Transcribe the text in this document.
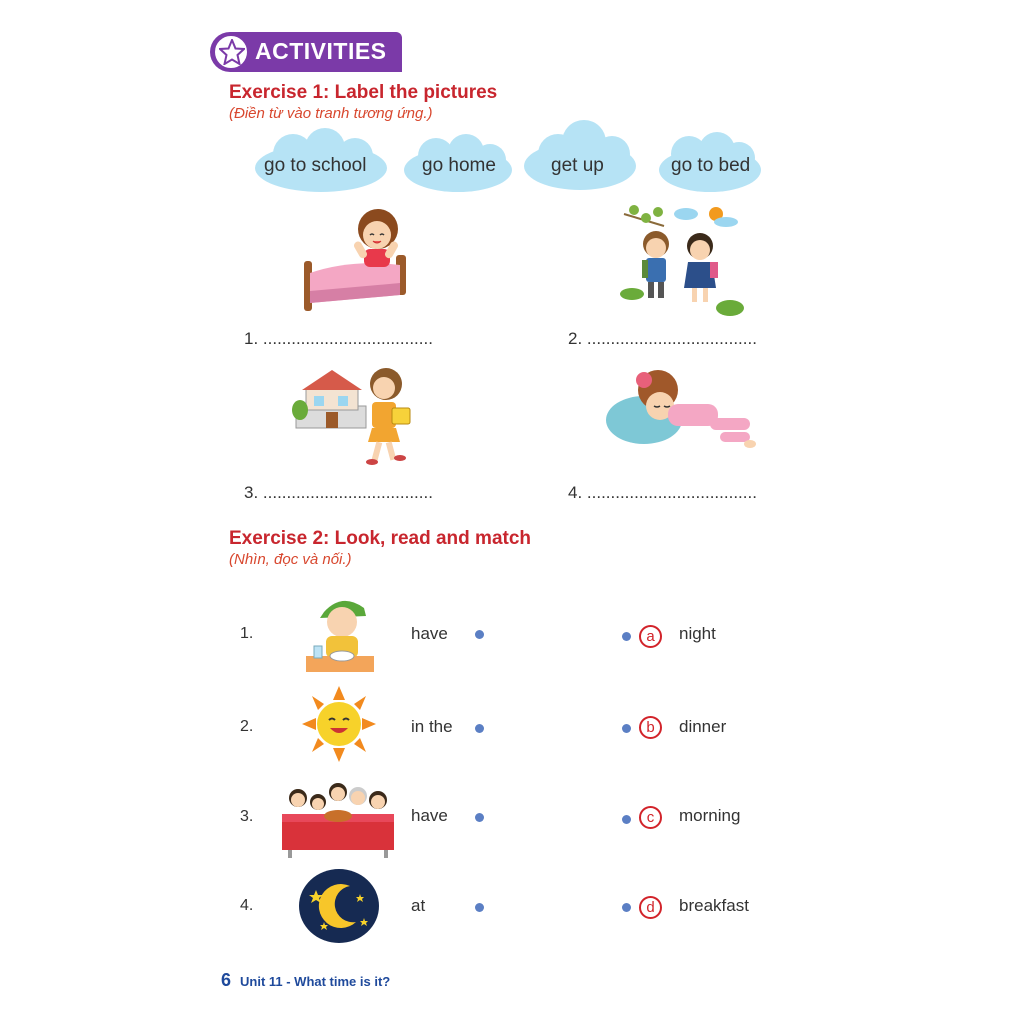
ACTIVITIES
Exercise 1: Label the pictures
(Điền từ vào tranh tương ứng.)
go to school	go home	get up	go to bed
1. ....................................	2. ....................................
3. ....................................	4. ....................................
Exercise 2: Look, read and match
(Nhìn, đọc và nối.)
1.	have	a	night
2.	in the	b	dinner
3.	have	c	morning
4.	at	d	breakfast
6 Unit 11 - What time is it?
